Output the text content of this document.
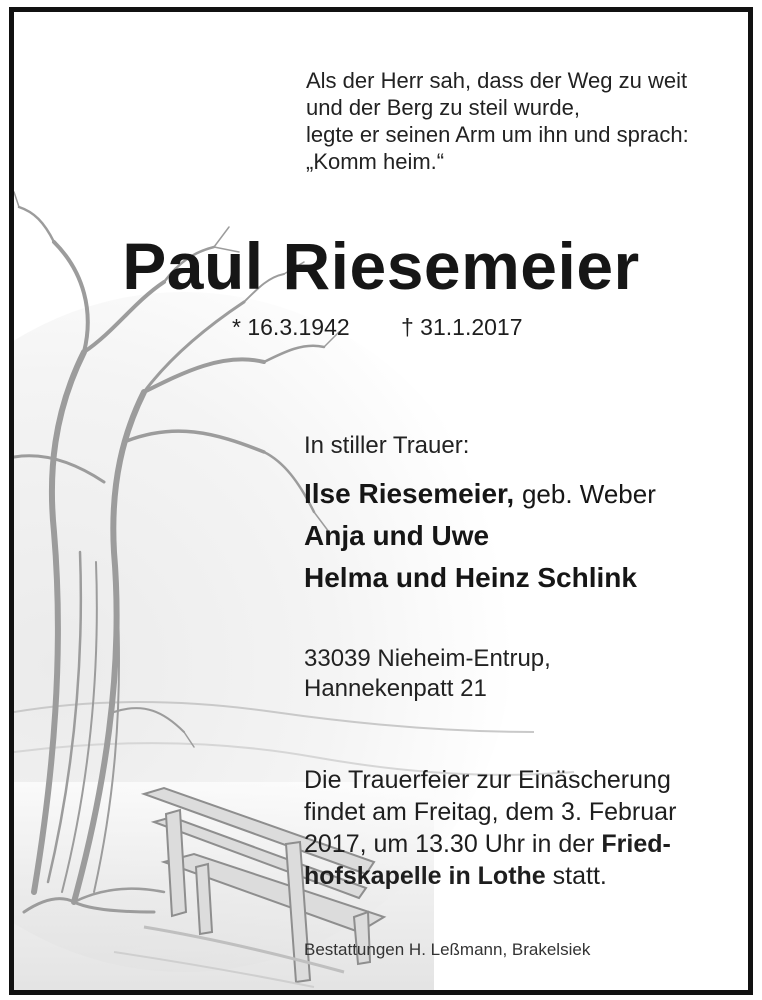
Als der Herr sah, dass der Weg zu weit
und der Berg zu steil wurde,
legte er seinen Arm um ihn und sprach:
„Komm heim.“
Paul Riesemeier
* 16.3.1942 † 31.1.2017
In stiller Trauer:
Ilse Riesemeier, geb. Weber
Anja und Uwe
Helma und Heinz Schlink
33039 Nieheim-Entrup,
Hannekenpatt 21
Die Trauerfeier zur Einäscherung
findet am Freitag, dem 3. Februar
2017, um 13.30 Uhr in der Fried-
hofskapelle in Lothe statt.
Bestattungen H. Leßmann, Brakelsiek
